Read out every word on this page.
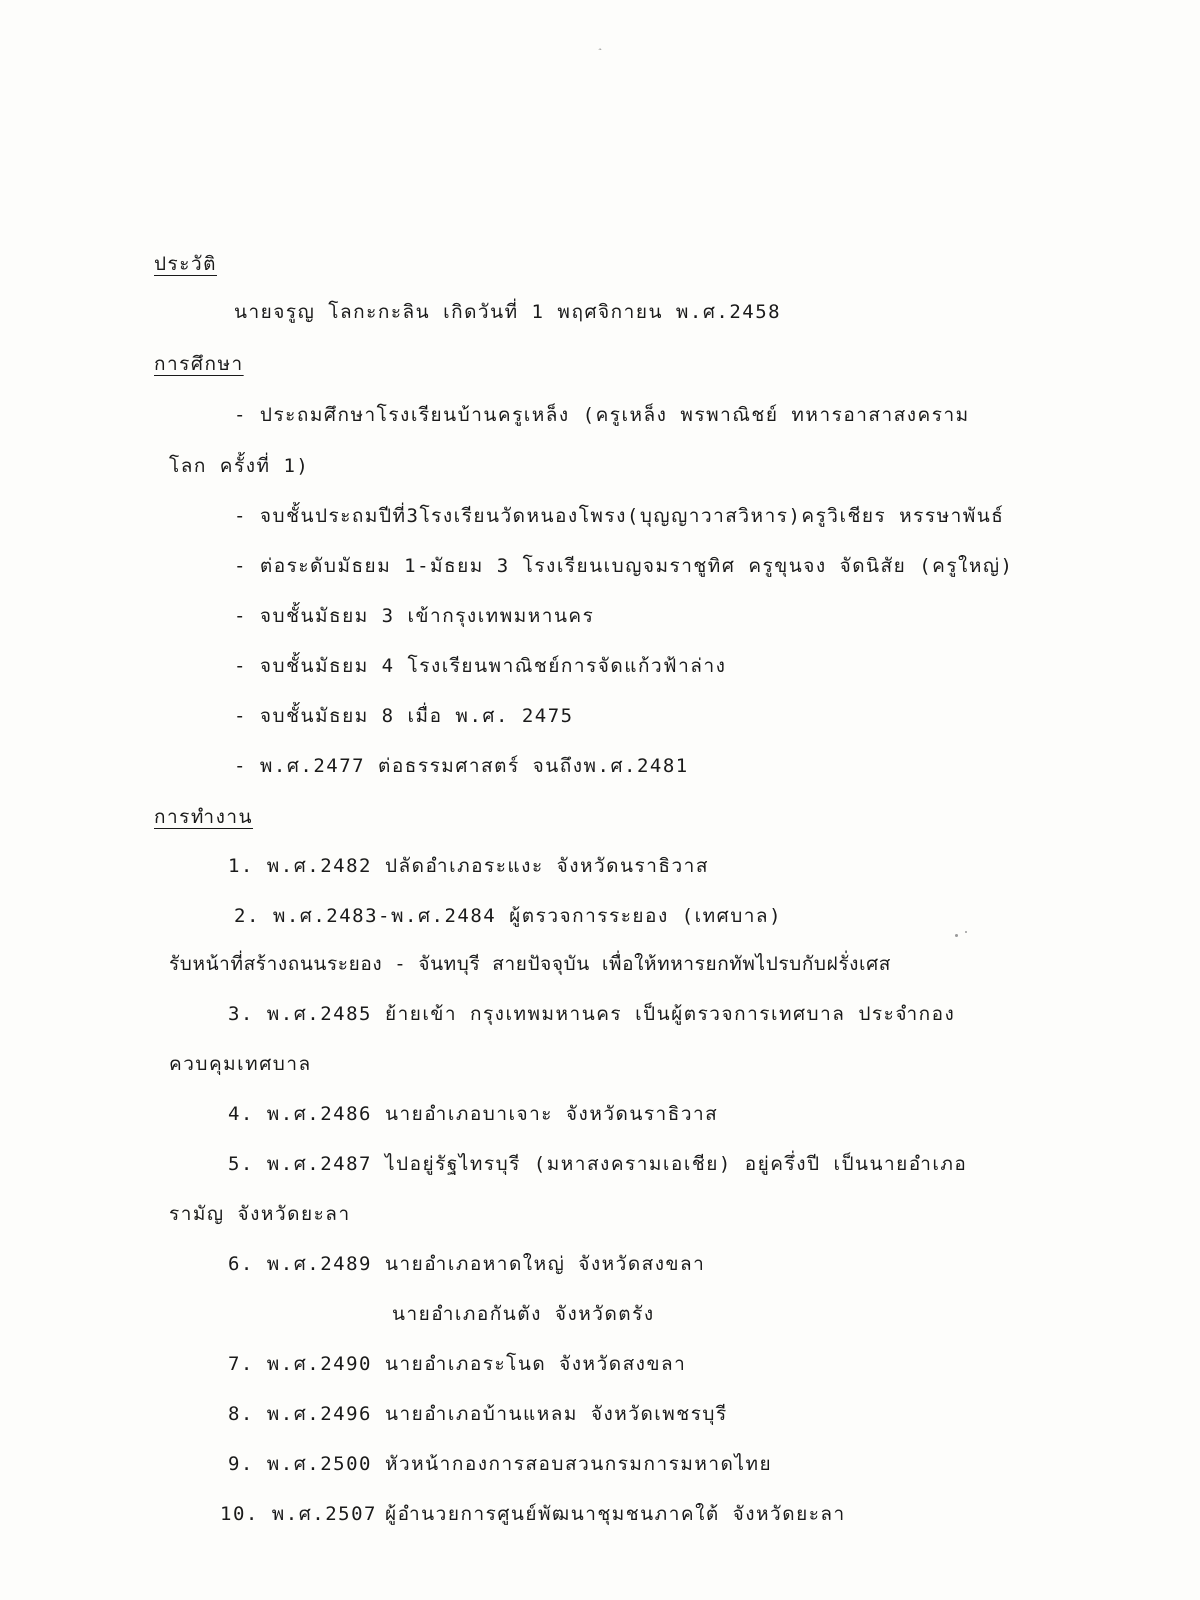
-28-
ประวัติ
นายจรูญ โลกะกะลิน เกิดวันที่ 1 พฤศจิกายน พ.ศ.2458
การศึกษา
- ประถมศึกษาโรงเรียนบ้านครูเหล็ง (ครูเหล็ง พรพาณิชย์ ทหารอาสาสงคราม
โลก ครั้งที่ 1)
- จบชั้นประถมปีที่3โรงเรียนวัดหนองโพรง(บุญญาวาสวิหาร)ครูวิเชียร หรรษาพันธ์
- ต่อระดับมัธยม 1-มัธยม 3 โรงเรียนเบญจมราชูทิศ ครูขุนจง จัดนิสัย (ครูใหญ่)
- จบชั้นมัธยม 3 เข้ากรุงเทพมหานคร
- จบชั้นมัธยม 4 โรงเรียนพาณิชย์การจัดแก้วฟ้าล่าง
- จบชั้นมัธยม 8 เมื่อ พ.ศ. 2475
- พ.ศ.2477 ต่อธรรมศาสตร์ จนถึงพ.ศ.2481
การทำงาน
1. พ.ศ.2482 ปลัดอำเภอระแงะ จังหวัดนราธิวาส
2. พ.ศ.2483-พ.ศ.2484 ผู้ตรวจการระยอง (เทศบาล)
รับหน้าที่สร้างถนนระยอง - จันทบุรี สายปัจจุบัน เพื่อให้ทหารยกทัพไปรบกับฝรั่งเศส
3. พ.ศ.2485 ย้ายเข้า กรุงเทพมหานคร เป็นผู้ตรวจการเทศบาล ประจำกอง
ควบคุมเทศบาล
4. พ.ศ.2486 นายอำเภอบาเจาะ จังหวัดนราธิวาส
5. พ.ศ.2487 ไปอยู่รัฐไทรบุรี (มหาสงครามเอเชีย) อยู่ครึ่งปี เป็นนายอำเภอ
รามัญ จังหวัดยะลา
6. พ.ศ.2489 นายอำเภอหาดใหญ่ จังหวัดสงขลา
นายอำเภอกันตัง จังหวัดตรัง
7. พ.ศ.2490 นายอำเภอระโนด จังหวัดสงขลา
8. พ.ศ.2496 นายอำเภอบ้านแหลม จังหวัดเพชรบุรี
9. พ.ศ.2500 หัวหน้ากองการสอบสวนกรมการมหาดไทย
10. พ.ศ.2507 ผู้อำนวยการศูนย์พัฒนาชุมชนภาคใต้ จังหวัดยะลา
